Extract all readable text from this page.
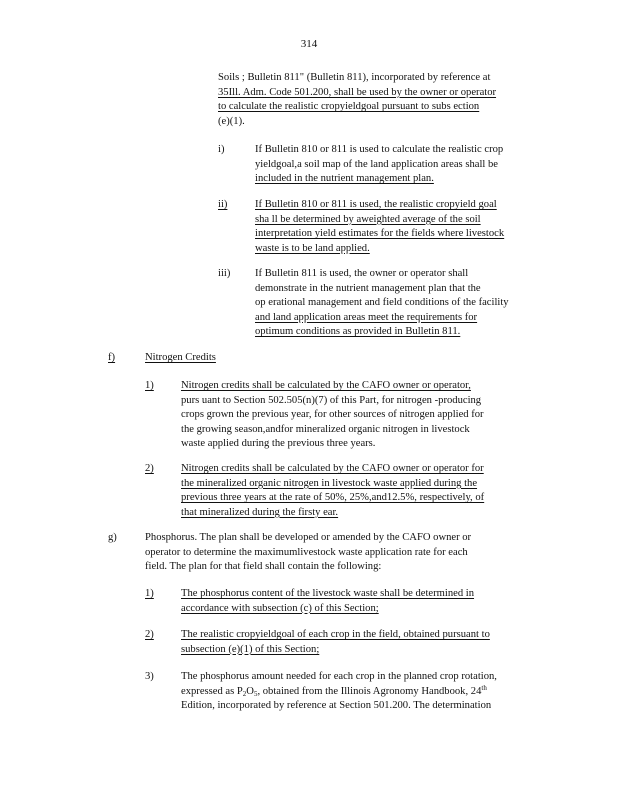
314
Soils ; Bulletin 811" (Bulletin 811), incorporated by reference at
35Ill. Adm. Code 501.200, shall be used by the owner or operator
to calculate the realistic cropyieldgoal pursuant to subs ection
(e)(1).
i)	If Bulletin 810 or 811 is used to calculate the realistic crop
yieldgoal,a soil map of the land application areas shall be
included in the nutrient management plan.
ii)	If Bulletin 810 or 811 is used, the realistic cropyield goal
sha ll be determined by aweighted average of the soil
interpretation yield estimates for the fields where livestock
waste is to be land applied.
iii) If Bulletin 811 is used, the owner or operator shall
demonstrate in the nutrient management plan that the
op erational management and field conditions of the facility
and land application areas meet the requirements for
optimum conditions as provided in Bulletin 811.
f)	Nitrogen Credits
1)	Nitrogen credits shall be calculated by the CAFO owner or operator,
purs uant to Section 502.505(n)(7) of this Part, for nitrogen -producing
crops grown the previous year, for other sources of nitrogen applied for
the growing season,andfor mineralized organic nitrogen in livestock
waste applied during the previous three years.
2)	Nitrogen credits shall be calculated by the CAFO owner or operator for
the mineralized organic nitrogen in livestock waste applied during the
previous three years at the rate of 50%, 25%,and12.5%, respectively, of
that mineralized during the firsty ear.
g)	Phosphorus. The plan shall be developed or amended by the CAFO owner or
operator to determine the maximumlivestock waste application rate for each
field. The plan for that field shall contain the following:
1)	The phosphorus content of the livestock waste shall be determined in
accordance with subsection (c) of this Section;
2)	The realistic cropyieldgoal of each crop in the field, obtained pursuant to
subsection (e)(1) of this Section;
3)	The phosphorus amount needed for each crop in the planned crop rotation,
expressed as $P_2O_5$, obtained from the Illinois Agronomy Handbook, 24th
Edition, incorporated by reference at Section 501.200. The determination
